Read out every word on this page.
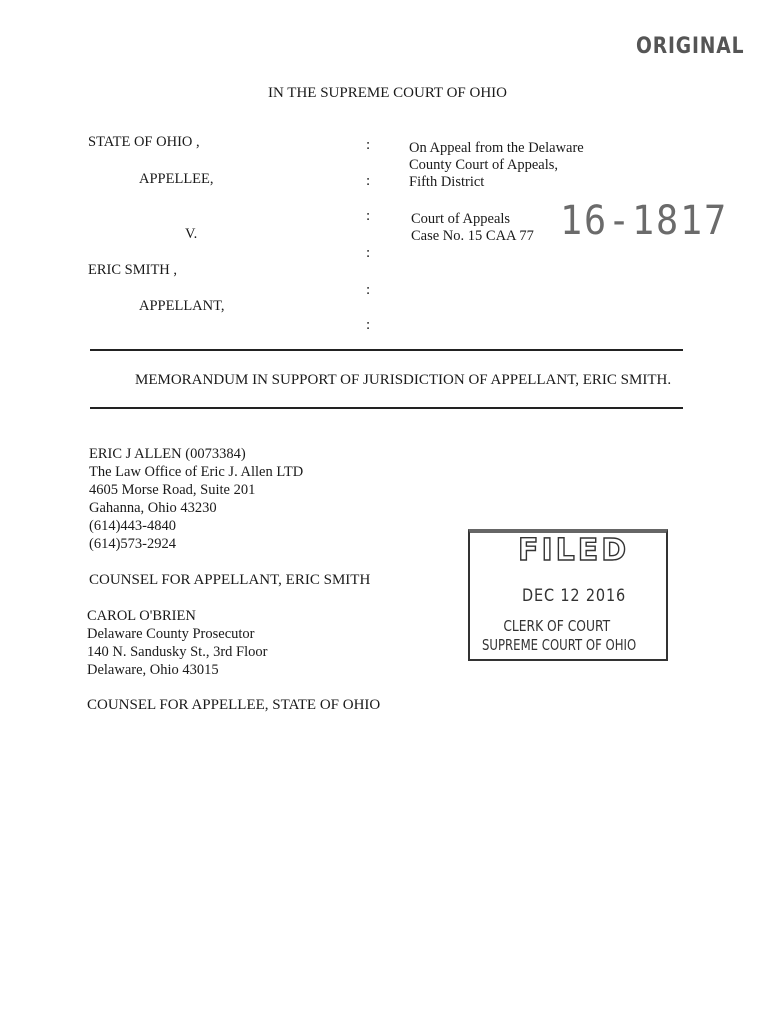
ORIGINAL
IN THE SUPREME COURT OF OHIO
STATE OF OHIO ,
APPELLEE,
V.
ERIC SMITH ,
APPELLANT,
:
:
:
:
:
:
On Appeal from the Delaware
County Court of Appeals,
Fifth District
Court of Appeals
Case No. 15 CAA 77 16-1817
MEMORANDUM IN SUPPORT OF JURISDICTION OF APPELLANT, ERIC SMITH.
ERIC J ALLEN (0073384)
The Law Office of Eric J. Allen LTD
4605 Morse Road, Suite 201
Gahanna, Ohio 43230
(614)443-4840
(614)573-2924
COUNSEL FOR APPELLANT, ERIC SMITH
CAROL O'BRIEN
Delaware County Prosecutor
140 N. Sandusky St., 3rd Floor
Delaware, Ohio 43015
COUNSEL FOR APPELLEE, STATE OF OHIO
FILED
DEC 12 2016
CLERK OF COURT
SUPREME COURT OF OHIO
